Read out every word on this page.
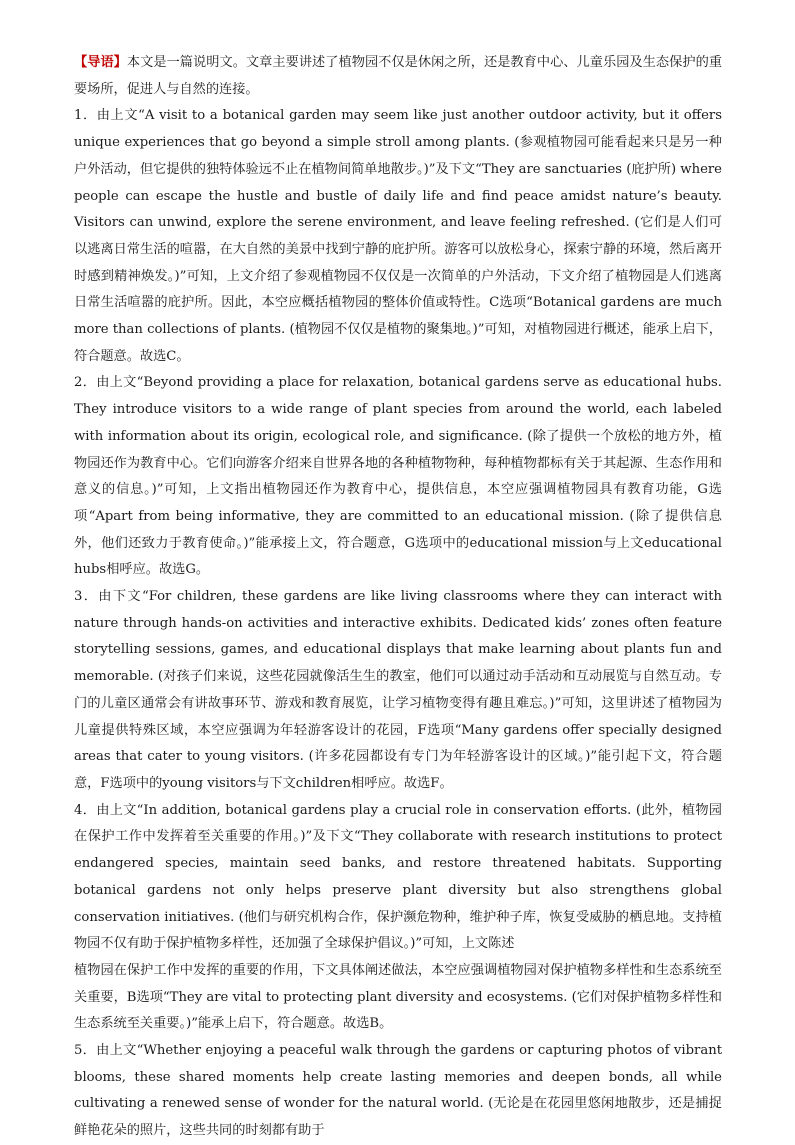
【导语】本文是一篇说明文。文章主要讲述了植物园不仅是休闲之所，还是教育中心、儿童乐园及生态保护的重要场所，促进人与自然的连接。

1．由上文“A visit to a botanical garden may seem like just another outdoor activity, but it offers unique experiences that go beyond a simple stroll among plants. (参观植物园可能看起来只是另一种户外活动，但它提供的独特体验远不止在植物间简单地散步。)”及下文“They are sanctuaries (庇护所) where people can escape the hustle and bustle of daily life and find peace amidst nature’s beauty. Visitors can unwind, explore the serene environment, and leave feeling refreshed. (它们是人们可以逃离日常生活的喧嚣，在大自然的美景中找到宁静的庇护所。游客可以放松身心，探索宁静的环境，然后离开时感到精神焕发。)”可知，上文介绍了参观植物园不仅仅是一次简单的户外活动，下文介绍了植物园是人们逃离日常生活喧嚣的庇护所。因此，本空应概括植物园的整体价值或特性。C选项“Botanical gardens are much more than collections of plants. (植物园不仅仅是植物的聚集地。)”可知，对植物园进行概述，能承上启下，符合题意。故选C。

2．由上文“Beyond providing a place for relaxation, botanical gardens serve as educational hubs. They introduce visitors to a wide range of plant species from around the world, each labeled with information about its origin, ecological role, and significance. (除了提供一个放松的地方外，植物园还作为教育中心。它们向游客介绍来自世界各地的各种植物物种，每种植物都标有关于其起源、生态作用和意义的信息。)”可知，上文指出植物园还作为教育中心，提供信息，本空应强调植物园具有教育功能，G选项“Apart from being informative, they are committed to an educational mission. (除了提供信息外，他们还致力于教育使命。)”能承接上文，符合题意，G选项中的educational mission与上文educational hubs相呼应。故选G。

3．由下文“For children, these gardens are like living classrooms where they can interact with nature through hands-on activities and interactive exhibits. Dedicated kids’ zones often feature storytelling sessions, games, and educational displays that make learning about plants fun and memorable. (对孩子们来说，这些花园就像活生生的教室，他们可以通过动手活动和互动展览与自然互动。专门的儿童区通常会有讲故事环节、游戏和教育展览，让学习植物变得有趣且难忘。)”可知，这里讲述了植物园为儿童提供特殊区域，本空应强调为年轻游客设计的花园，F选项“Many gardens offer specially designed areas that cater to young visitors. (许多花园都设有专门为年轻游客设计的区域。)”能引起下文，符合题意，F选项中的young visitors与下文children相呼应。故选F。

4．由上文“In addition, botanical gardens play a crucial role in conservation efforts. (此外，植物园在保护工作中发挥着至关重要的作用。)”及下文“They collaborate with research institutions to protect endangered species, maintain seed banks, and restore threatened habitats. Supporting botanical gardens not only helps preserve plant diversity but also strengthens global conservation initiatives. (他们与研究机构合作，保护濒危物种，维护种子库，恢复受威胁的栖息地。支持植物园不仅有助于保护植物多样性，还加强了全球保护倡议。)”可知，上文陈述

植物园在保护工作中发挥的重要的作用，下文具体阐述做法，本空应强调植物园对保护植物多样性和生态系统至关重要，B选项“They are vital to protecting plant diversity and ecosystems. (它们对保护植物多样性和生态系统至关重要。)”能承上启下，符合题意。故选B。

5．由上文“Whether enjoying a peaceful walk through the gardens or capturing photos of vibrant blooms, these shared moments help create lasting memories and deepen bonds, all while cultivating a renewed sense of wonder for the natural world. (无论是在花园里悠闲地散步，还是捕捉鲜艳花朵的照片，这些共同的时刻都有助于
